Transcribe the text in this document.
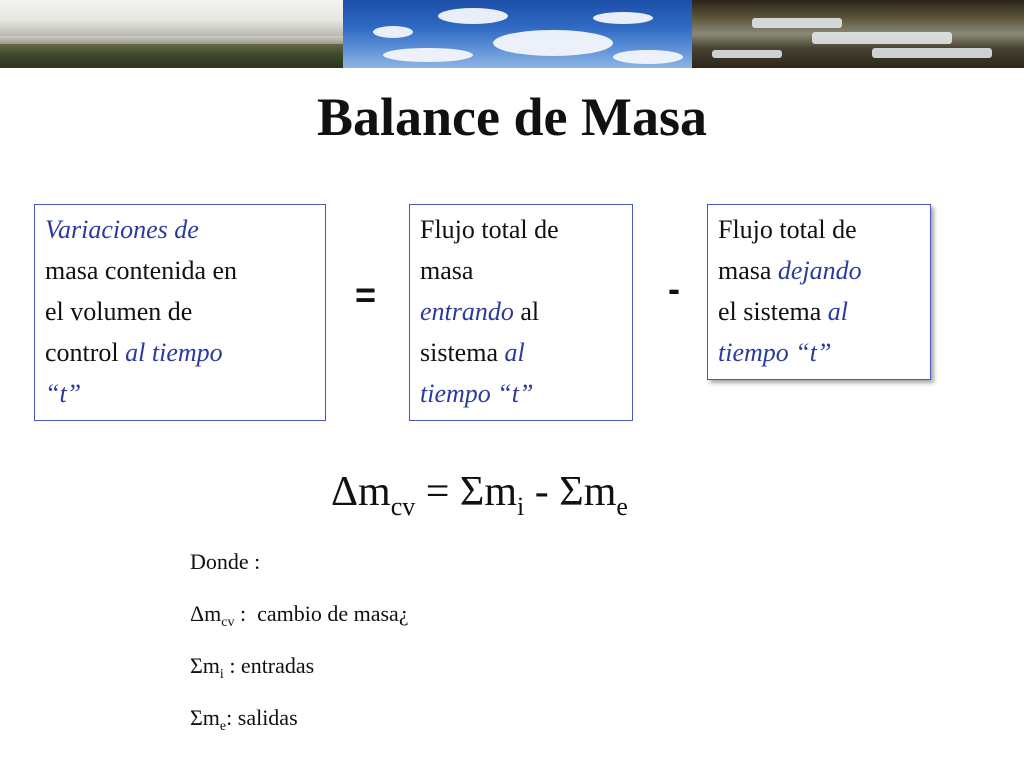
Balance de Masa
Variaciones de
masa contenida en
el volumen de
control al tiempo
“t”
=
Flujo total de
masa
entrando al
sistema al
tiempo “t”
-
Flujo total de
masa dejando
el sistema al
tiempo “t”
$\Delta m_{cv} = \Sigma m_i - \Sigma m_e$
Donde :
$\Delta m_{cv}$ :  cambio de masa¿
$\Sigma m_i$ : entradas
$\Sigma m_e$: salidas
